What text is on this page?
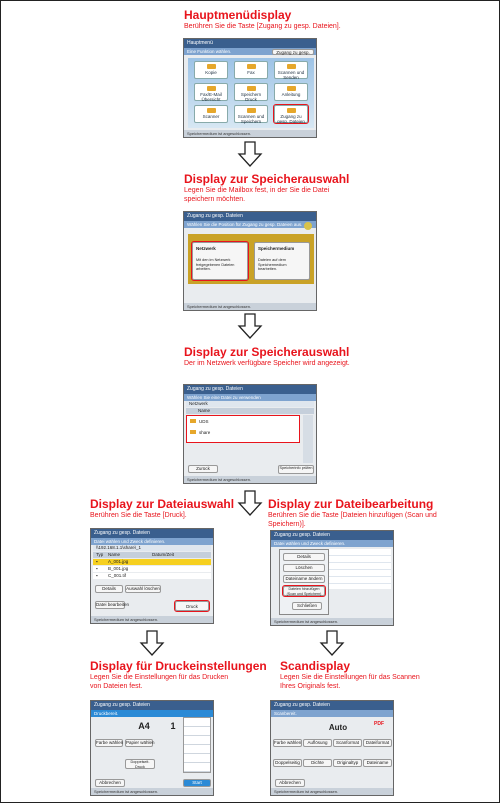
Hauptmenüdisplay
Berühren Sie die Taste [Zugang zu gesp. Dateien].
Hauptmenü
Eine Funktion wählen.	Zugang zu gesp.
Kopie	Fax	Scannen und Senden
Fax/E-Mail Übersicht
Speichern Druck
Anleitung
Scanner	Scannen und Speichern
Zugang zu gesp. Dateien
Speichermedium ist angeschlossen.
Display zur Speicherauswahl
Legen Sie die Mailbox fest, in der Sie die Datei speichern möchten.
Zugang zu gesp. Dateien
Wählen Sie die Position für Zugang zu gesp. Dateien aus.
Netzwerk
Mit den im Netzwerk freigegebenen Dateien arbeiten.
Speichermedium
Dateien auf dem Speichermedium bearbeiten.
Speichermedium ist angeschlossen.
Display zur Speicherauswahl
Der im Netzwerk verfügbare Speicher wird angezeigt.
Zugang zu gesp. Dateien
Wählen Sie eine Datei zu verwenden
Netzwerk
Name
UDS
share
Zurück	Speicherinfo prüfen
Speichermedium ist angeschlossen.
Display zur Dateiauswahl
Berühren Sie die Taste [Druck].
Zugang zu gesp. Dateien
Datei wählen und Zweck definieren.
\\192.168.1.1\share\_1
Typ Name	Datum/Zeit
▪ A_001.jpg
▪ B_001.jpg
▪ C_001.tif
Details	Auswahl löschen
Datei bearbeiten	Druck
Speichermedium ist angeschlossen.
Display zur Dateibearbeitung
Berühren Sie die Taste [Dateien hinzufügen (Scan und Speichern)].
Zugang zu gesp. Dateien
Datei wählen und Zweck definieren.
Details
Löschen
Dateiname ändern
Dateien hinzufügen (Scan und Speichern)
Schließen
Speichermedium ist angeschlossen.
Display für Druckeinstellungen
Legen Sie die Einstellungen für das Drucken von Dateien fest.
Zugang zu gesp. Dateien
Druckbereit.
A4	1
Farbe wählen Papier wählen
Doppelseit. Druck
Abbrechen	Start
Speichermedium ist angeschlossen.
Scandisplay
Legen Sie die Einstellungen für das Scannen Ihres Originals fest.
Zugang zu gesp. Dateien
Scanbereit.
Auto	PDF
Farbe wählen	Auflösung	Scanformat	Dateiformat
Doppelseitig	Dichte	Originaltyp	Dateiname
Abbrechen
Speichermedium ist angeschlossen.
